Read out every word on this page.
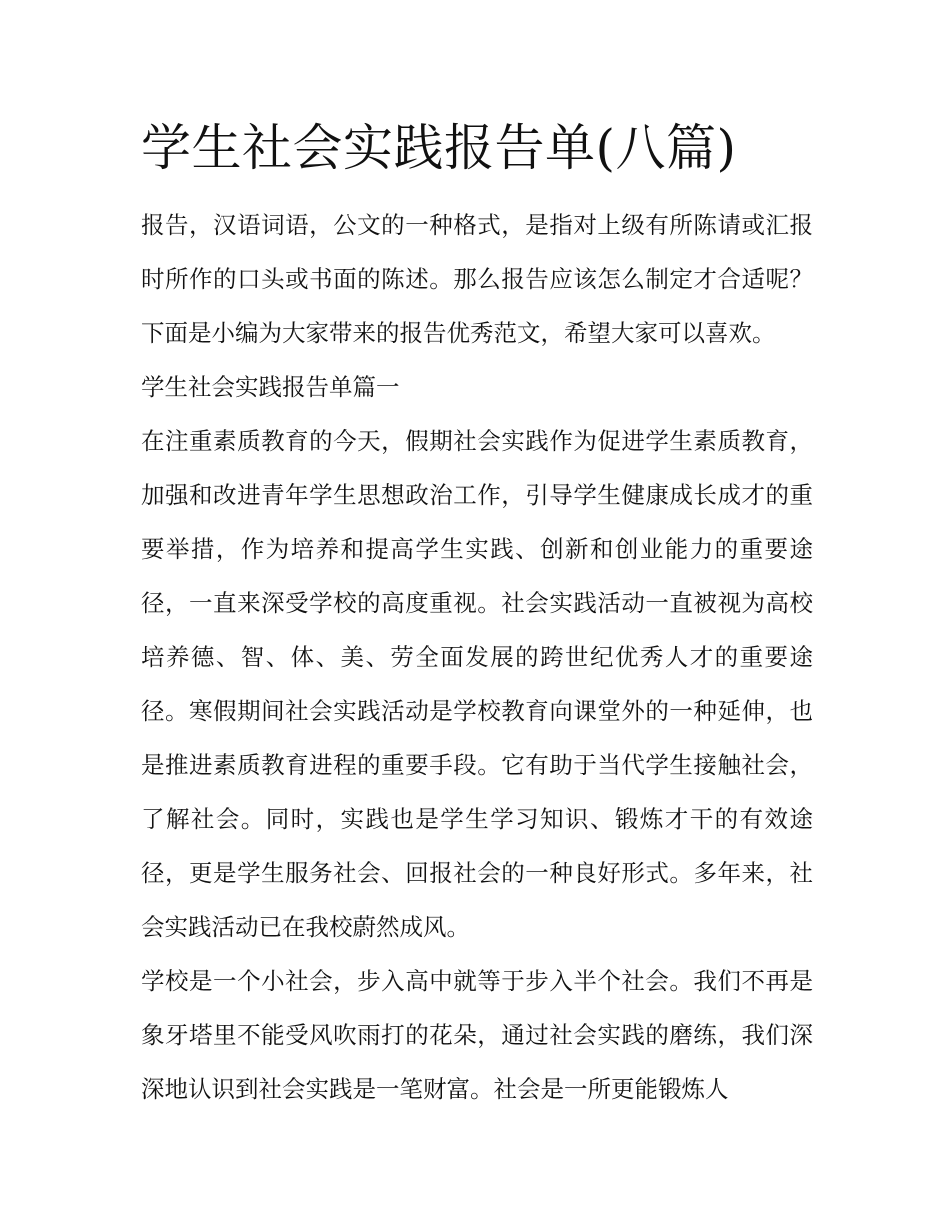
学生社会实践报告单(八篇)

报告，汉语词语，公文的一种格式，是指对上级有所陈请或汇报时所作的口头或书面的陈述。那么报告应该怎么制定才合适呢？下面是小编为大家带来的报告优秀范文，希望大家可以喜欢。

学生社会实践报告单篇一

在注重素质教育的今天，假期社会实践作为促进学生素质教育，加强和改进青年学生思想政治工作，引导学生健康成长成才的重要举措，作为培养和提高学生实践、创新和创业能力的重要途径，一直来深受学校的高度重视。社会实践活动一直被视为高校培养德、智、体、美、劳全面发展的跨世纪优秀人才的重要途径。寒假期间社会实践活动是学校教育向课堂外的一种延伸，也是推进素质教育进程的重要手段。它有助于当代学生接触社会，了解社会。同时，实践也是学生学习知识、锻炼才干的有效途径，更是学生服务社会、回报社会的一种良好形式。多年来，社会实践活动已在我校蔚然成风。

学校是一个小社会，步入高中就等于步入半个社会。我们不再是象牙塔里不能受风吹雨打的花朵，通过社会实践的磨练，我们深深地认识到社会实践是一笔财富。社会是一所更能锻炼人
